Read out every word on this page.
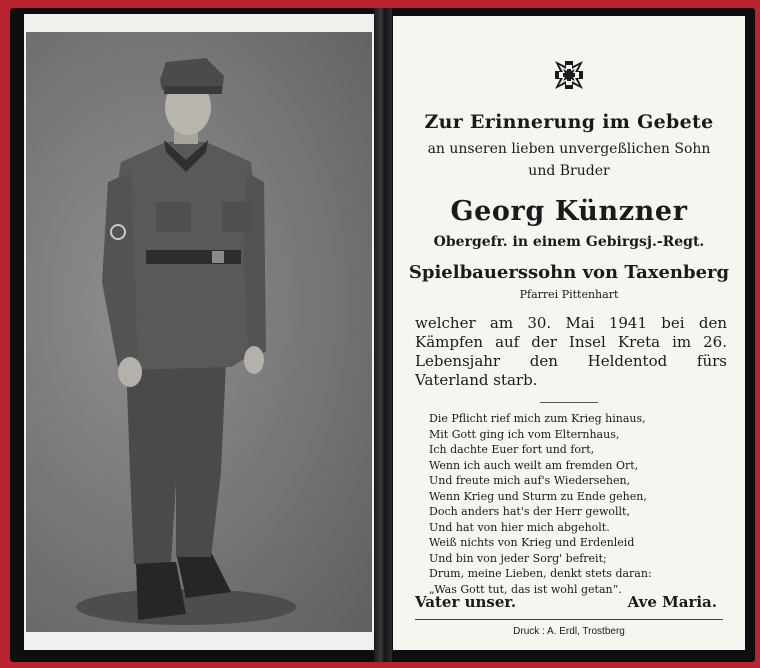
Zur Erinnerung im Gebete
an unseren lieben unvergeßlichen Sohn
und Bruder
Georg Künzner
Obergefr. in einem Gebirgsj.-Regt.
Spielbauerssohn von Taxenberg
Pfarrei Pittenhart
welcher am 30. Mai 1941 bei den Kämpfen auf der Insel Kreta im 26. Lebensjahr den Heldentod fürs Vaterland starb.
Die Pflicht rief mich zum Krieg hinaus,
Mit Gott ging ich vom Elternhaus,
Ich dachte Euer fort und fort,
Wenn ich auch weilt am fremden Ort,
Und freute mich auf's Wiedersehen,
Wenn Krieg und Sturm zu Ende gehen,
Doch anders hat's der Herr gewollt,
Und hat von hier mich abgeholt.
Weiß nichts von Krieg und Erdenleid
Und bin von jeder Sorg' befreit;
Drum, meine Lieben, denkt stets daran:
„Was Gott tut, das ist wohl getan“.
Vater unser.	Ave Maria.
Druck : A. Erdl, Trostberg
